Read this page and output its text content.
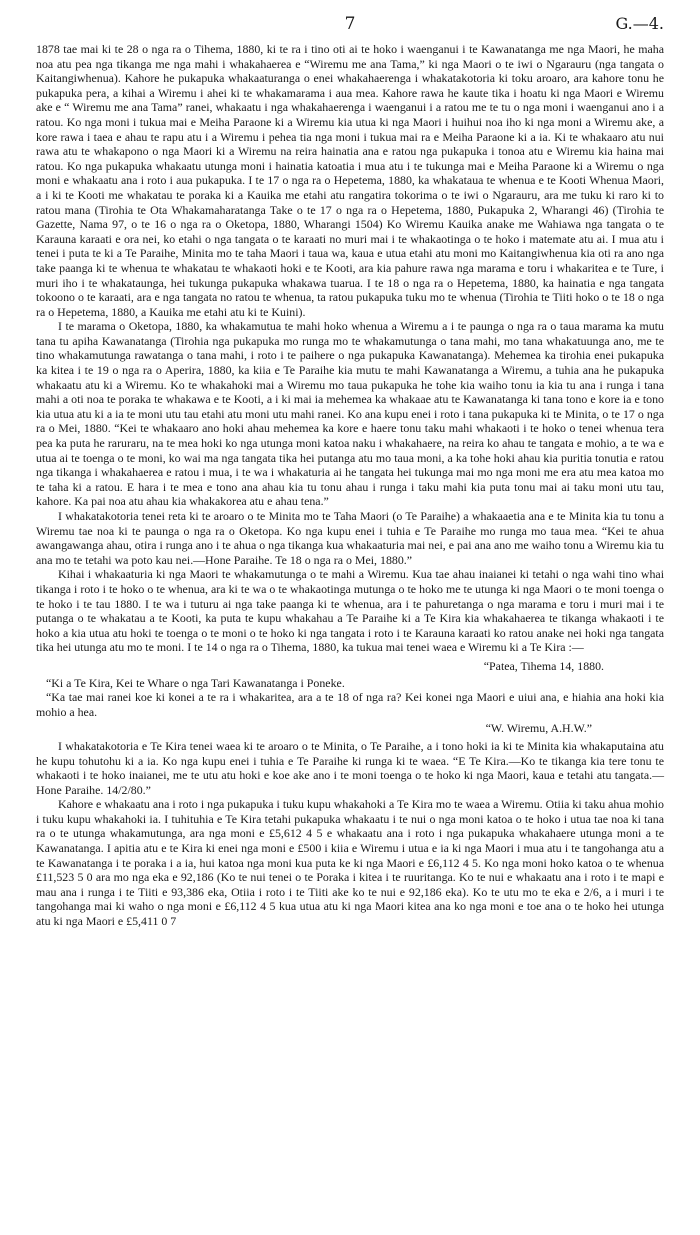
7	G.—4.

1878 tae mai ki te 28 o nga ra o Tihema, 1880, ki te ra i tino oti ai te hoko i waenganui i te Kawanatanga me nga Maori, he maha noa atu pea nga tikanga me nga mahi i whakahaerea e “Wiremu me ana Tama,” ki nga Maori o te iwi o Ngarauru (nga tangata o Kaitangiwhenua). Kahore he pukapuka whakaaturanga o enei whakahaerenga i whakatakotoria ki toku aroaro, ara kahore tonu he pukapuka pera, a kihai a Wiremu i ahei ki te whakamarama i aua mea. Kahore rawa he kaute tika i hoatu ki nga Maori e Wiremu ake e “ Wiremu me ana Tama” ranei, whakaatu i nga whakahaerenga i waenganui i a ratou me te tu o nga moni i waenganui ano i a ratou. Ko nga moni i tukua mai e Meiha Paraone ki a Wiremu kia utua ki nga Maori i huihui noa iho ki nga moni a Wiremu ake, a kore rawa i taea e ahau te rapu atu i a Wiremu i pehea tia nga moni i tukua mai ra e Meiha Paraone ki a ia. Ki te whakaaro atu nui rawa atu te whakapono o nga Maori ki a Wiremu na reira hainatia ana e ratou nga pukapuka i tonoa atu e Wiremu kia haina mai ratou. Ko nga pukapuka whakaatu utunga moni i hainatia katoatia i mua atu i te tukunga mai e Meiha Paraone ki a Wiremu o nga moni e whakaatu ana i roto i aua pukapuka. I te 17 o nga ra o Hepetema, 1880, ka whakataua te whenua e te Kooti Whenua Maori, a i ki te Kooti me whakatau te poraka ki a Kauika me etahi atu rangatira tokorima o te iwi o Ngarauru, ara me tuku ki raro ki to ratou mana (Tirohia te Ota Whakamaharatanga Take o te 17 o nga ra o Hepetema, 1880, Pukapuka 2, Wharangi 46) (Tirohia te Gazette, Nama 97, o te 16 o nga ra o Oketopa, 1880, Wharangi 1504) Ko Wiremu Kauika anake me Wahiawa nga tangata o te Karauna karaati e ora nei, ko etahi o nga tangata o te karaati no muri mai i te whakaotinga o te hoko i matemate atu ai. I mua atu i tenei i puta te ki a Te Paraihe, Minita mo te taha Maori i taua wa, kaua e utua etahi atu moni mo Kaitangiwhenua kia oti ra ano nga take paanga ki te whenua te whakatau te whakaoti hoki e te Kooti, ara kia pahure rawa nga marama e toru i whakaritea e te Ture, i muri iho i te whakataunga, hei tukunga pukapuka whakawa tuarua. I te 18 o nga ra o Hepetema, 1880, ka hainatia e nga tangata tokoono o te karaati, ara e nga tangata no ratou te whenua, ta ratou pukapuka tuku mo te whenua (Tirohia te Tiiti hoko o te 18 o nga ra o Hepetema, 1880, a Kauika me etahi atu ki te Kuini).

I te marama o Oketopa, 1880, ka whakamutua te mahi hoko whenua a Wiremu a i te paunga o nga ra o taua marama ka mutu tana tu apiha Kawanatanga (Tirohia nga pukapuka mo runga mo te whakamutunga o tana mahi, mo tana whakatuunga ano, me te tino whakamutunga rawatanga o tana mahi, i roto i te paihere o nga pukapuka Kawanatanga). Mehemea ka tirohia enei pukapuka ka kitea i te 19 o nga ra o Aperira, 1880, ka kiia e Te Paraihe kia mutu te mahi Kawanatanga a Wiremu, a tuhia ana he pukapuka whakaatu atu ki a Wiremu. Ko te whakahoki mai a Wiremu mo taua pukapuka he tohe kia waiho tonu ia kia tu ana i runga i tana mahi a oti noa te poraka te whakawa e te Kooti, a i ki mai ia mehemea ka whakaae atu te Kawanatanga ki tana tono e kore ia e tono kia utua atu ki a ia te moni utu tau etahi atu moni utu mahi ranei. Ko ana kupu enei i roto i tana pukapuka ki te Minita, o te 17 o nga ra o Mei, 1880. “Kei te whakaaro ano hoki ahau mehemea ka kore e haere tonu taku mahi whakaoti i te hoko o tenei whenua tera pea ka puta he raruraru, na te mea hoki ko nga utunga moni katoa naku i whakahaere, na reira ko ahau te tangata e mohio, a te wa e utua ai te toenga o te moni, ko wai ma nga tangata tika hei putanga atu mo taua moni, a ka tohe hoki ahau kia puritia tonutia e ratou nga tikanga i whakahaerea e ratou i mua, i te wa i whakaturia ai he tangata hei tukunga mai mo nga moni me era atu mea katoa mo te taha ki a ratou. E hara i te mea e tono ana ahau kia tu tonu ahau i runga i taku mahi kia puta tonu mai ai taku moni utu tau, kahore. Ka pai noa atu ahau kia whakakorea atu e ahau tena.”

I whakatakotoria tenei reta ki te aroaro o te Minita mo te Taha Maori (o Te Paraihe) a whakaaetia ana e te Minita kia tu tonu a Wiremu tae noa ki te paunga o nga ra o Oketopa. Ko nga kupu enei i tuhia e Te Paraihe mo runga mo taua mea. “Kei te ahua awangawanga ahau, otira i runga ano i te ahua o nga tikanga kua whakaaturia mai nei, e pai ana ano me waiho tonu a Wiremu kia tu ana mo te tetahi wa poto kau nei.—Hone Paraihe. Te 18 o nga ra o Mei, 1880.”

Kihai i whakaaturia ki nga Maori te whakamutunga o te mahi a Wiremu. Kua tae ahau inaianei ki tetahi o nga wahi tino whai tikanga i roto i te hoko o te whenua, ara ki te wa o te whakaotinga mutunga o te hoko me te utunga ki nga Maori o te moni toenga o te hoko i te tau 1880. I te wa i tuturu ai nga take paanga ki te whenua, ara i te pahuretanga o nga marama e toru i muri mai i te putanga o te whakatau a te Kooti, ka puta te kupu whakahau a Te Paraihe ki a Te Kira kia whakahaerea te tikanga whakaoti i te hoko a kia utua atu hoki te toenga o te moni o te hoko ki nga tangata i roto i te Karauna karaati ko ratou anake nei hoki nga tangata tika hei utunga atu mo te moni. I te 14 o nga ra o Tihema, 1880, ka tukua mai tenei waea e Wiremu ki a Te Kira :—

“Patea, Tihema 14, 1880.

“Ki a Te Kira, Kei te Whare o nga Tari Kawanatanga i Poneke.

“Ka tae mai ranei koe ki konei a te ra i whakaritea, ara a te 18 of nga ra? Kei konei nga Maori e uiui ana, e hiahia ana hoki kia mohio a hea.

“W. Wiremu, A.H.W.”

I whakatakotoria e Te Kira tenei waea ki te aroaro o te Minita, o Te Paraihe, a i tono hoki ia ki te Minita kia whakaputaina atu he kupu tohutohu ki a ia. Ko nga kupu enei i tuhia e Te Paraihe ki runga ki te waea. “E Te Kira.—Ko te tikanga kia tere tonu te whakaoti i te hoko inaianei, me te utu atu hoki e koe ake ano i te moni toenga o te hoko ki nga Maori, kaua e tetahi atu tangata.—Hone Paraihe. 14/2/80.”

Kahore e whakaatu ana i roto i nga pukapuka i tuku kupu whakahoki a Te Kira mo te waea a Wiremu. Otiia ki taku ahua mohio i tuku kupu whakahoki ia. I tuhituhia e Te Kira tetahi pukapuka whakaatu i te nui o nga moni katoa o te hoko i utua tae noa ki tana ra o te utunga whakamutunga, ara nga moni e £5,612 4 5 e whakaatu ana i roto i nga pukapuka whakahaere utunga moni a te Kawanatanga. I apitia atu e te Kira ki enei nga moni e £500 i kiia e Wiremu i utua e ia ki nga Maori i mua atu i te tangohanga atu a te Kawanatanga i te poraka i a ia, hui katoa nga moni kua puta ke ki nga Maori e £6,112 4 5. Ko nga moni hoko katoa o te whenua £11,523 5 0 ara mo nga eka e 92,186 (Ko te nui tenei o te Poraka i kitea i te ruuritanga. Ko te nui e whakaatu ana i roto i te mapi e mau ana i runga i te Tiiti e 93,386 eka, Otiia i roto i te Tiiti ake ko te nui e 92,186 eka). Ko te utu mo te eka e 2/6, a i muri i te tangohanga mai ki waho o nga moni e £6,112 4 5 kua utua atu ki nga Maori kitea ana ko nga moni e toe ana o te hoko hei utunga atu ki nga Maori e £5,411 0 7
